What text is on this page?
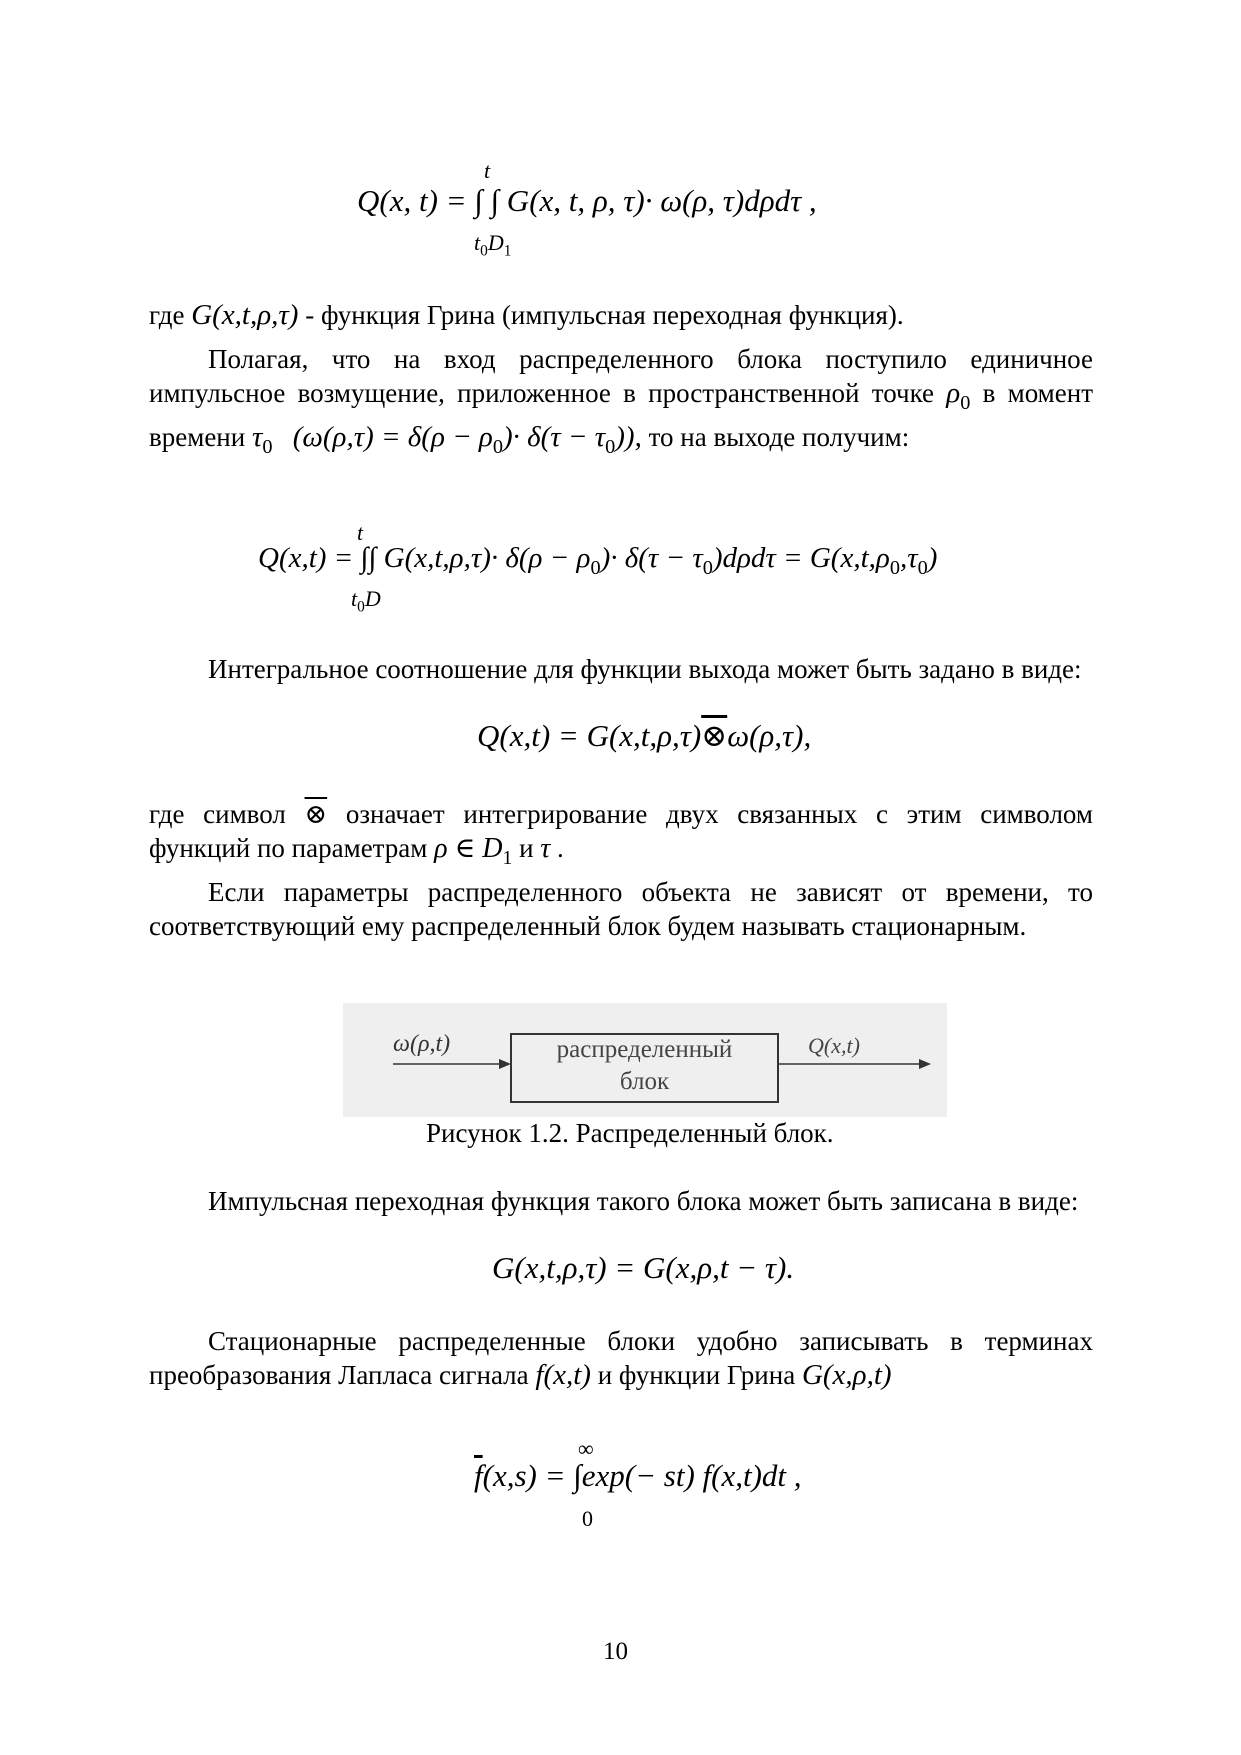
t
Q(x, t) = ∫ ∫ G(x, t, ρ, τ)· ω(ρ, τ)dρdτ ,
$t_0D_1$
где G(x,t,ρ,τ) - функция Грина (импульсная переходная функция).
Полагая, что на вход распределенного блока поступило единичное импульсное возмущение, приложенное в пространственной точке $\rho_0$ в момент времени $\tau_0$ $(\omega(\rho,\tau) = \delta(\rho - \rho_0)\cdot \delta(\tau - \tau_0))$, то на выходе получим:
t
Q(x,t) = ∫∫ $G(x,t,\rho,\tau)\cdot \delta(\rho - \rho_0)\cdot \delta(\tau - \tau_0)d\rho d\tau = G(x,t,\rho_0,\tau_0)$
$t_0D$
Интегральное соотношение для функции выхода может быть задано в виде:
Q(x,t) = G(x,t,ρ,τ)⊗ω(ρ,τ),
где символ ⊗ означает интегрирование двух связанных с этим символом функций по параметрам ρ ∈ $D_1$ и τ .
Если параметры распределенного объекта не зависят от времени, то соответствующий ему распределенный блок будем называть стационарным.
ω(ρ,t)	распределенный
блок
Q(x,t)
Рисунок 1.2. Распределенный блок.
Импульсная переходная функция такого блока может быть записана в виде:
G(x,t,ρ,τ) = G(x,ρ,t − τ).
Стационарные распределенные блоки удобно записывать в терминах преобразования Лапласа сигнала f(x,t) и функции Грина G(x,ρ,t)
∞
$\overline{f}(x,s) = \int\exp(- st)$ f(x,t)dt ,
0
10
